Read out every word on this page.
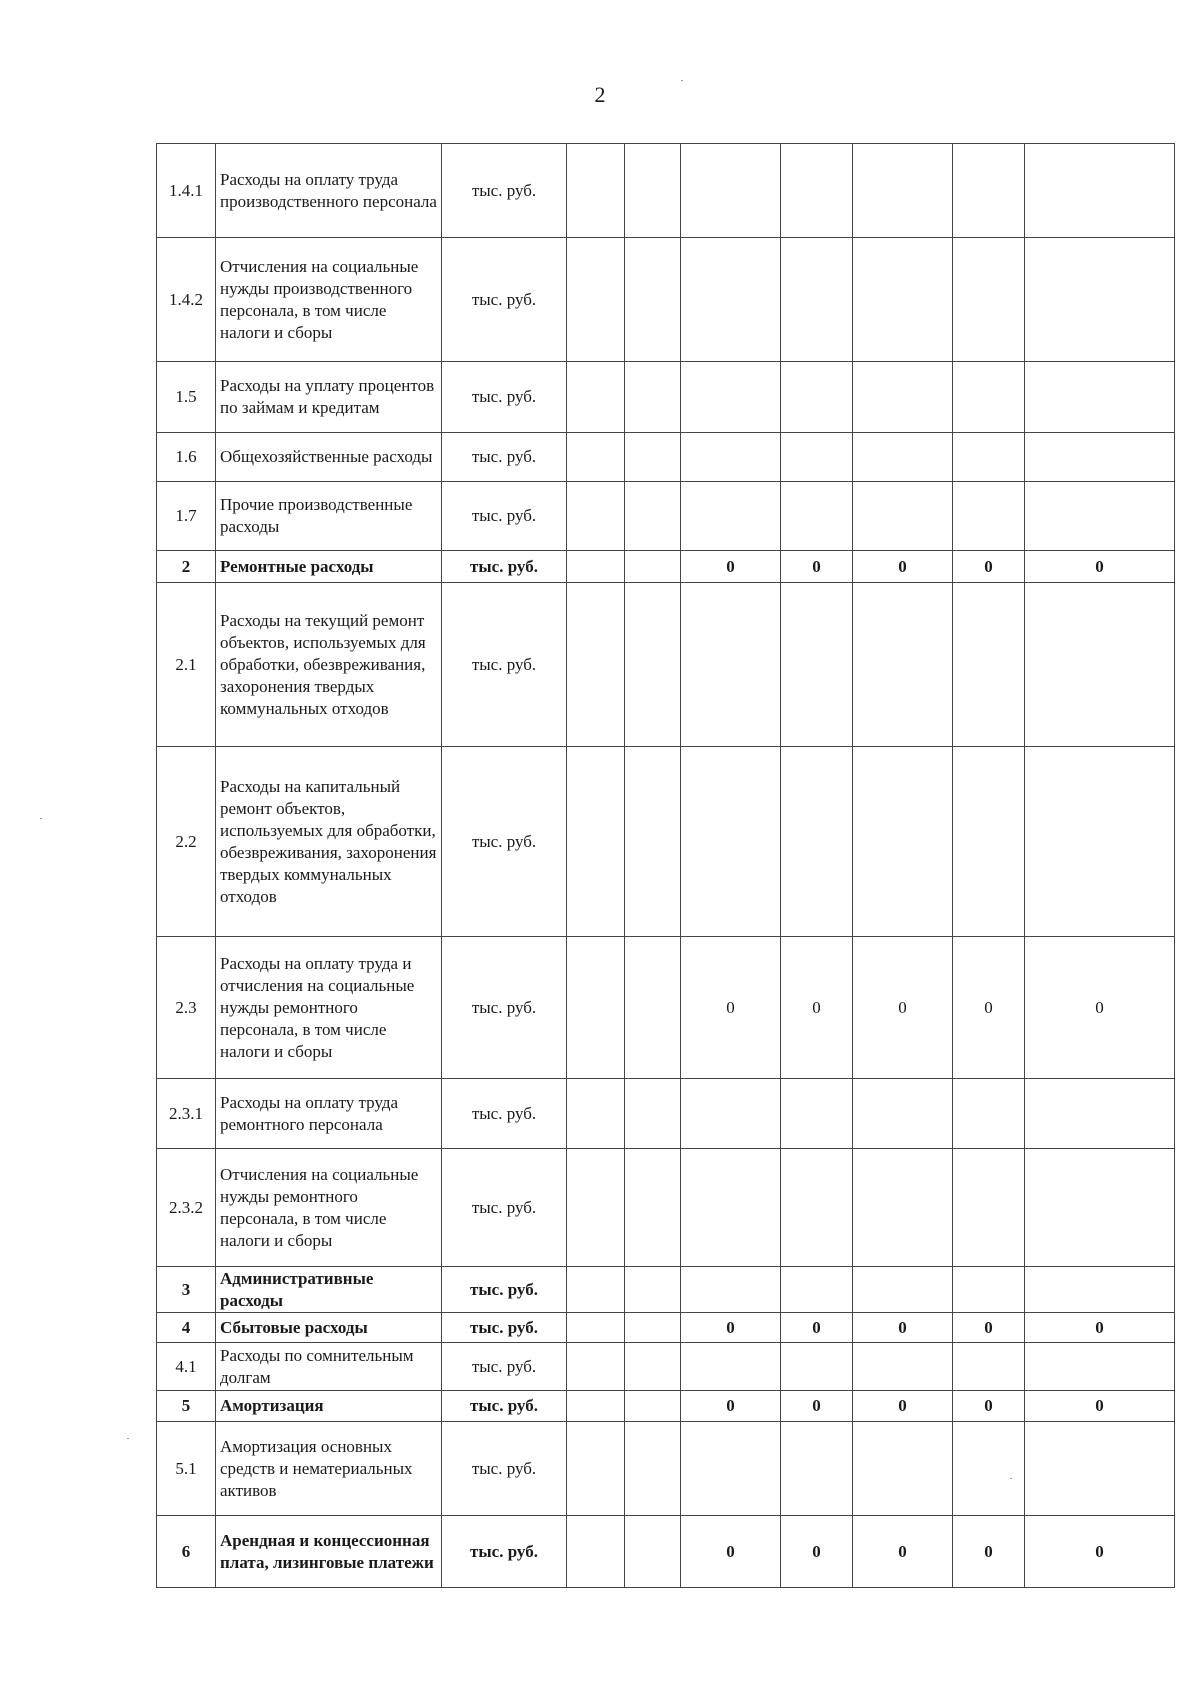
2
1.4.1	Расходы на оплату труда производственного персонала	тыс. руб.							
1.4.2	Отчисления на социальные нужды производственного персонала, в том числе налоги и сборы	тыс. руб.							
1.5	Расходы на уплату процентов по займам и кредитам	тыс. руб.							
1.6	Общехозяйственные расходы	тыс. руб.							
1.7	Прочие производственные расходы	тыс. руб.							
2	Ремонтные расходы	тыс. руб.			0	0	0	0	0
2.1	Расходы на текущий ремонт объектов, используемых для обработки, обезвреживания, захоронения твердых коммунальных отходов	тыс. руб.							
2.2	Расходы на капитальный ремонт объектов, используемых для обработки, обезвреживания, захоронения твердых коммунальных отходов	тыс. руб.							
2.3	Расходы на оплату труда и отчисления на социальные нужды ремонтного персонала, в том числе налоги и сборы	тыс. руб.			0	0	0	0	0
2.3.1	Расходы на оплату труда ремонтного персонала	тыс. руб.							
2.3.2	Отчисления на социальные нужды ремонтного персонала, в том числе налоги и сборы	тыс. руб.							
3	Административные расходы	тыс. руб.							
4	Сбытовые расходы	тыс. руб.			0	0	0	0	0
4.1	Расходы по сомнительным долгам	тыс. руб.							
5	Амортизация	тыс. руб.			0	0	0	0	0
5.1	Амортизация основных средств и нематериальных активов	тыс. руб.							
6	Арендная и концессионная плата, лизинговые платежи	тыс. руб.			0	0	0	0	0
